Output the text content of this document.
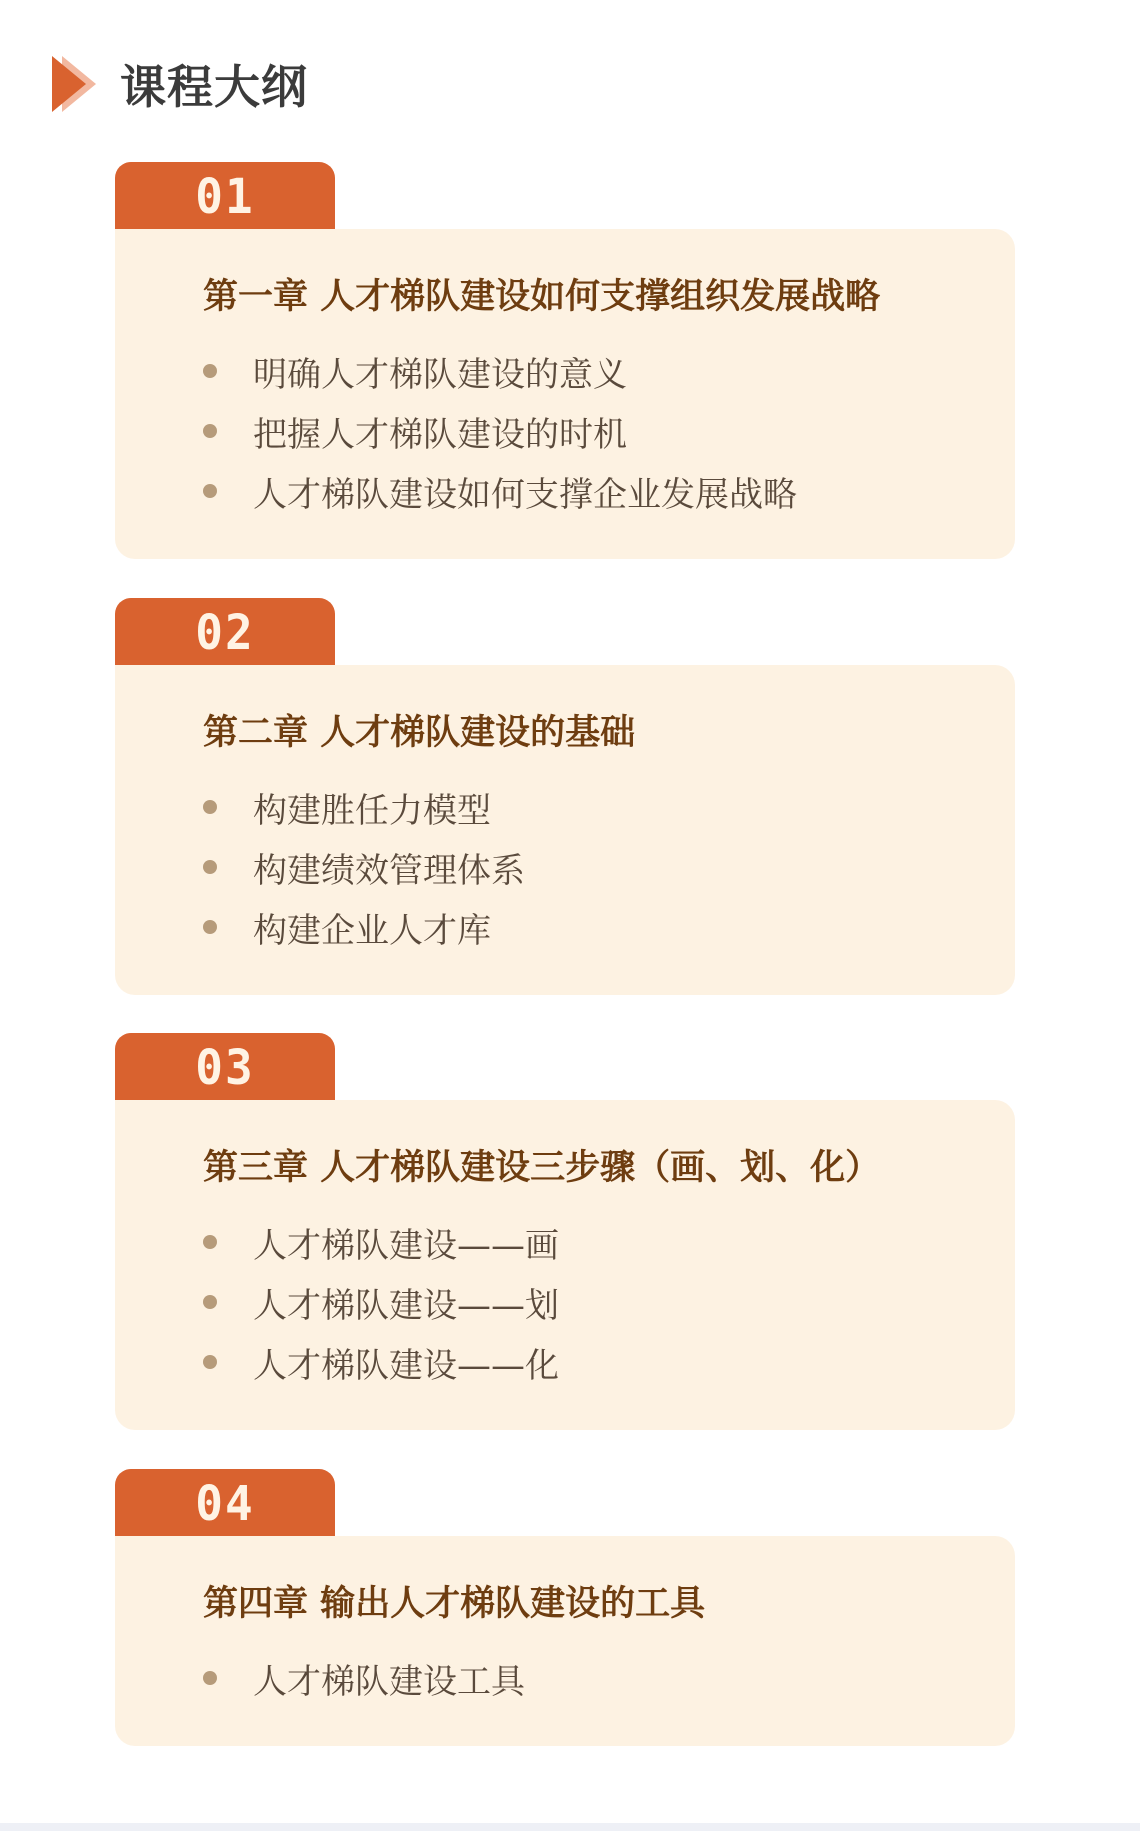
课程大纲
01
第一章 人才梯队建设如何支撑组织发展战略
明确人才梯队建设的意义
把握人才梯队建设的时机
人才梯队建设如何支撑企业发展战略
02
第二章 人才梯队建设的基础
构建胜任力模型
构建绩效管理体系
构建企业人才库
03
第三章 人才梯队建设三步骤（画、划、化）
人才梯队建设——画
人才梯队建设——划
人才梯队建设——化
04
第四章 输出人才梯队建设的工具
人才梯队建设工具
